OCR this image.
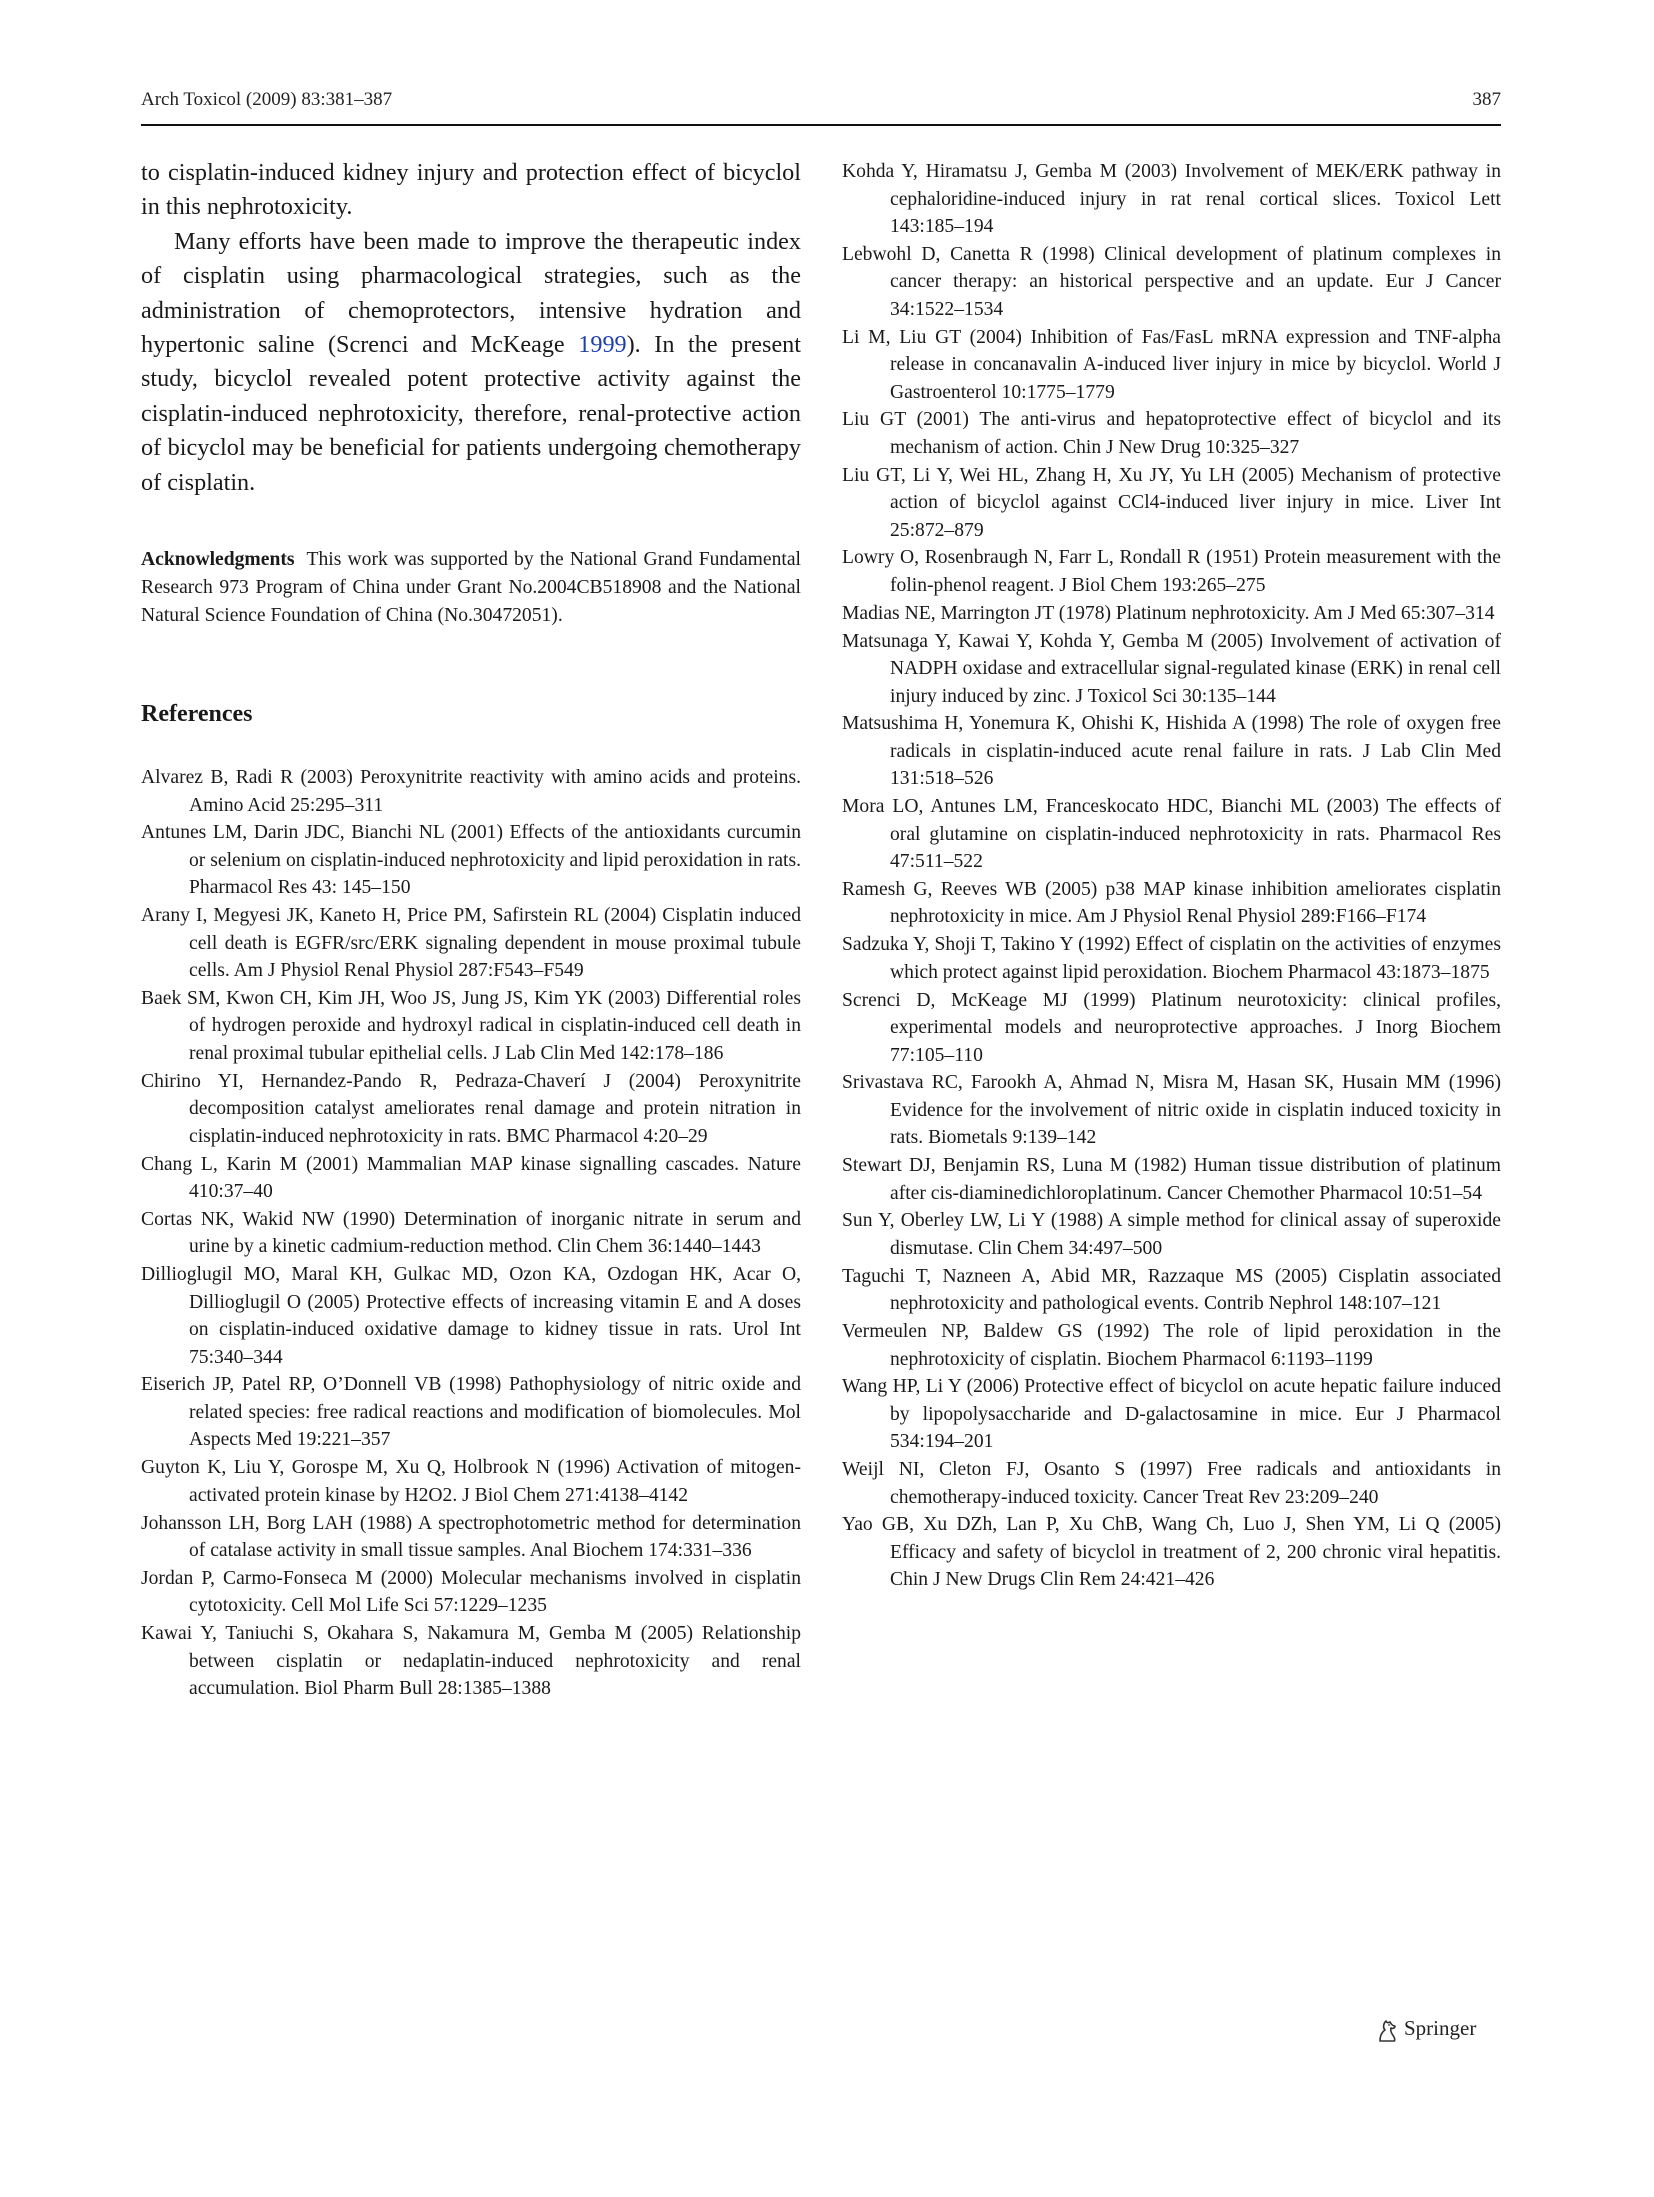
Arch Toxicol (2009) 83:381–387	387

to cisplatin-induced kidney injury and protection effect of bicyclol in this nephrotoxicity.

Many efforts have been made to improve the therapeutic index of cisplatin using pharmacological strategies, such as the administration of chemoprotectors, intensive hydration and hypertonic saline (Screnci and McKeage 1999). In the present study, bicyclol revealed potent protective activity against the cisplatin-induced nephrotoxicity, therefore, renal-protective action of bicyclol may be beneficial for patients undergoing chemotherapy of cisplatin.

Acknowledgments This work was supported by the National Grand Fundamental Research 973 Program of China under Grant No.2004CB518908 and the National Natural Science Foundation of China (No.30472051).

References
Alvarez B, Radi R (2003) Peroxynitrite reactivity with amino acids and proteins. Amino Acid 25:295–311
Antunes LM, Darin JDC, Bianchi NL (2001) Effects of the antioxidants curcumin or selenium on cisplatin-induced nephrotoxicity and lipid peroxidation in rats. Pharmacol Res 43: 145–150
Arany I, Megyesi JK, Kaneto H, Price PM, Safirstein RL (2004) Cisplatin induced cell death is EGFR/src/ERK signaling dependent in mouse proximal tubule cells. Am J Physiol Renal Physiol 287:F543–F549
Baek SM, Kwon CH, Kim JH, Woo JS, Jung JS, Kim YK (2003) Differential roles of hydrogen peroxide and hydroxyl radical in cisplatin-induced cell death in renal proximal tubular epithelial cells. J Lab Clin Med 142:178–186
Chirino YI, Hernandez-Pando R, Pedraza-Chaverí J (2004) Peroxynitrite decomposition catalyst ameliorates renal damage and protein nitration in cisplatin-induced nephrotoxicity in rats. BMC Pharmacol 4:20–29
Chang L, Karin M (2001) Mammalian MAP kinase signalling cascades. Nature 410:37–40
Cortas NK, Wakid NW (1990) Determination of inorganic nitrate in serum and urine by a kinetic cadmium-reduction method. Clin Chem 36:1440–1443
Dillioglugil MO, Maral KH, Gulkac MD, Ozon KA, Ozdogan HK, Acar O, Dillioglugil O (2005) Protective effects of increasing vitamin E and A doses on cisplatin-induced oxidative damage to kidney tissue in rats. Urol Int 75:340–344
Eiserich JP, Patel RP, O’Donnell VB (1998) Pathophysiology of nitric oxide and related species: free radical reactions and modification of biomolecules. Mol Aspects Med 19:221–357
Guyton K, Liu Y, Gorospe M, Xu Q, Holbrook N (1996) Activation of mitogen-activated protein kinase by H2O2. J Biol Chem 271:4138–4142
Johansson LH, Borg LAH (1988) A spectrophotometric method for determination of catalase activity in small tissue samples. Anal Biochem 174:331–336
Jordan P, Carmo-Fonseca M (2000) Molecular mechanisms involved in cisplatin cytotoxicity. Cell Mol Life Sci 57:1229–1235
Kawai Y, Taniuchi S, Okahara S, Nakamura M, Gemba M (2005) Relationship between cisplatin or nedaplatin-induced nephrotoxicity and renal accumulation. Biol Pharm Bull 28:1385–1388
Kohda Y, Hiramatsu J, Gemba M (2003) Involvement of MEK/ERK pathway in cephaloridine-induced injury in rat renal cortical slices. Toxicol Lett 143:185–194
Lebwohl D, Canetta R (1998) Clinical development of platinum complexes in cancer therapy: an historical perspective and an update. Eur J Cancer 34:1522–1534
Li M, Liu GT (2004) Inhibition of Fas/FasL mRNA expression and TNF-alpha release in concanavalin A-induced liver injury in mice by bicyclol. World J Gastroenterol 10:1775–1779
Liu GT (2001) The anti-virus and hepatoprotective effect of bicyclol and its mechanism of action. Chin J New Drug 10:325–327
Liu GT, Li Y, Wei HL, Zhang H, Xu JY, Yu LH (2005) Mechanism of protective action of bicyclol against CCl4-induced liver injury in mice. Liver Int 25:872–879
Lowry O, Rosenbraugh N, Farr L, Rondall R (1951) Protein measurement with the folin-phenol reagent. J Biol Chem 193:265–275
Madias NE, Marrington JT (1978) Platinum nephrotoxicity. Am J Med 65:307–314
Matsunaga Y, Kawai Y, Kohda Y, Gemba M (2005) Involvement of activation of NADPH oxidase and extracellular signal-regulated kinase (ERK) in renal cell injury induced by zinc. J Toxicol Sci 30:135–144
Matsushima H, Yonemura K, Ohishi K, Hishida A (1998) The role of oxygen free radicals in cisplatin-induced acute renal failure in rats. J Lab Clin Med 131:518–526
Mora LO, Antunes LM, Franceskocato HDC, Bianchi ML (2003) The effects of oral glutamine on cisplatin-induced nephrotoxicity in rats. Pharmacol Res 47:511–522
Ramesh G, Reeves WB (2005) p38 MAP kinase inhibition ameliorates cisplatin nephrotoxicity in mice. Am J Physiol Renal Physiol 289:F166–F174
Sadzuka Y, Shoji T, Takino Y (1992) Effect of cisplatin on the activities of enzymes which protect against lipid peroxidation. Biochem Pharmacol 43:1873–1875
Screnci D, McKeage MJ (1999) Platinum neurotoxicity: clinical profiles, experimental models and neuroprotective approaches. J Inorg Biochem 77:105–110
Srivastava RC, Farookh A, Ahmad N, Misra M, Hasan SK, Husain MM (1996) Evidence for the involvement of nitric oxide in cisplatin induced toxicity in rats. Biometals 9:139–142
Stewart DJ, Benjamin RS, Luna M (1982) Human tissue distribution of platinum after cis-diaminedichloroplatinum. Cancer Chemother Pharmacol 10:51–54
Sun Y, Oberley LW, Li Y (1988) A simple method for clinical assay of superoxide dismutase. Clin Chem 34:497–500
Taguchi T, Nazneen A, Abid MR, Razzaque MS (2005) Cisplatin associated nephrotoxicity and pathological events. Contrib Nephrol 148:107–121
Vermeulen NP, Baldew GS (1992) The role of lipid peroxidation in the nephrotoxicity of cisplatin. Biochem Pharmacol 6:1193–1199
Wang HP, Li Y (2006) Protective effect of bicyclol on acute hepatic failure induced by lipopolysaccharide and D-galactosamine in mice. Eur J Pharmacol 534:194–201
Weijl NI, Cleton FJ, Osanto S (1997) Free radicals and antioxidants in chemotherapy-induced toxicity. Cancer Treat Rev 23:209–240
Yao GB, Xu DZh, Lan P, Xu ChB, Wang Ch, Luo J, Shen YM, Li Q (2005) Efficacy and safety of bicyclol in treatment of 2, 200 chronic viral hepatitis. Chin J New Drugs Clin Rem 24:421–426
Springer
